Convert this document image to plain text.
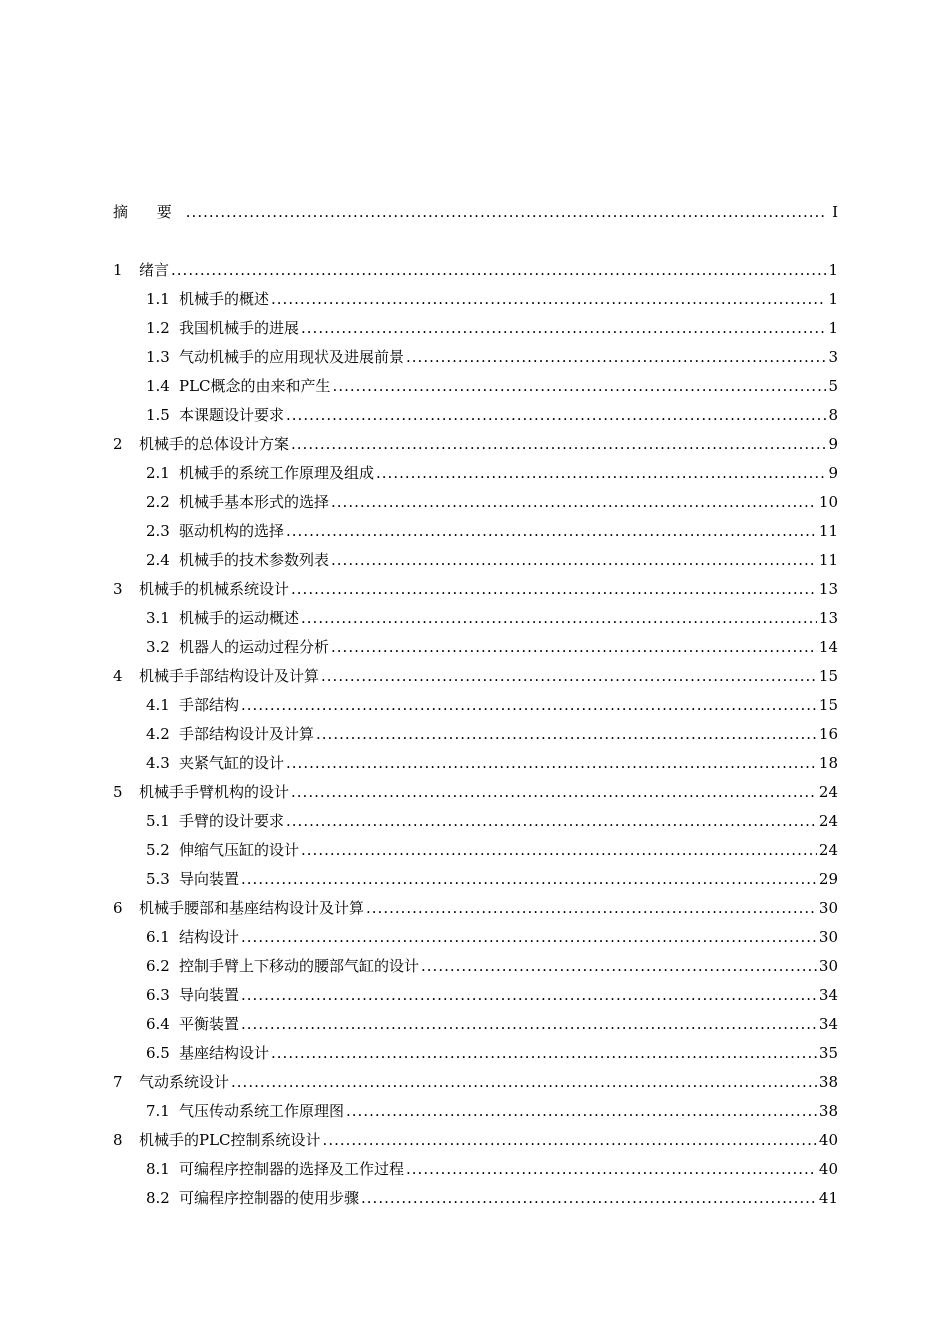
摘 要 .....	I
1	绪言 .....	1
1.1 机械手的概述 .....	1
1.2 我国机械手的进展 .....	1
1.3 气动机械手的应用现状及进展前景 .....	3
1.4 PLC概念的由来和产生 .....	5
1.5 本课题设计要求 .....	8
2	机械手的总体设计方案 .....	9
2.1 机械手的系统工作原理及组成 .....	9
2.2 机械手基本形式的选择 .....	10
2.3 驱动机构的选择 .....	11
2.4 机械手的技术参数列表 .....	11
3	机械手的机械系统设计 .....	13
3.1 机械手的运动概述 .....	13
3.2 机器人的运动过程分析 .....	14
4	机械手手部结构设计及计算 .....	15
4.1 手部结构 .....	15
4.2 手部结构设计及计算 .....	16
4.3 夹紧气缸的设计 .....	18
5	机械手手臂机构的设计 .....	24
5.1 手臂的设计要求 .....	24
5.2 伸缩气压缸的设计 .....	24
5.3 导向装置 .....	29
6	机械手腰部和基座结构设计及计算 .....	30
6.1 结构设计 .....	30
6.2 控制手臂上下移动的腰部气缸的设计 .....	30
6.3 导向装置 .....	34
6.4 平衡装置 .....	34
6.5 基座结构设计 .....	35
7	气动系统设计 .....	38
7.1 气压传动系统工作原理图 .....	38
8	机械手的PLC控制系统设计 .....	40
8.1 可编程序控制器的选择及工作过程 .....	40
8.2 可编程序控制器的使用步骤 .....	41
